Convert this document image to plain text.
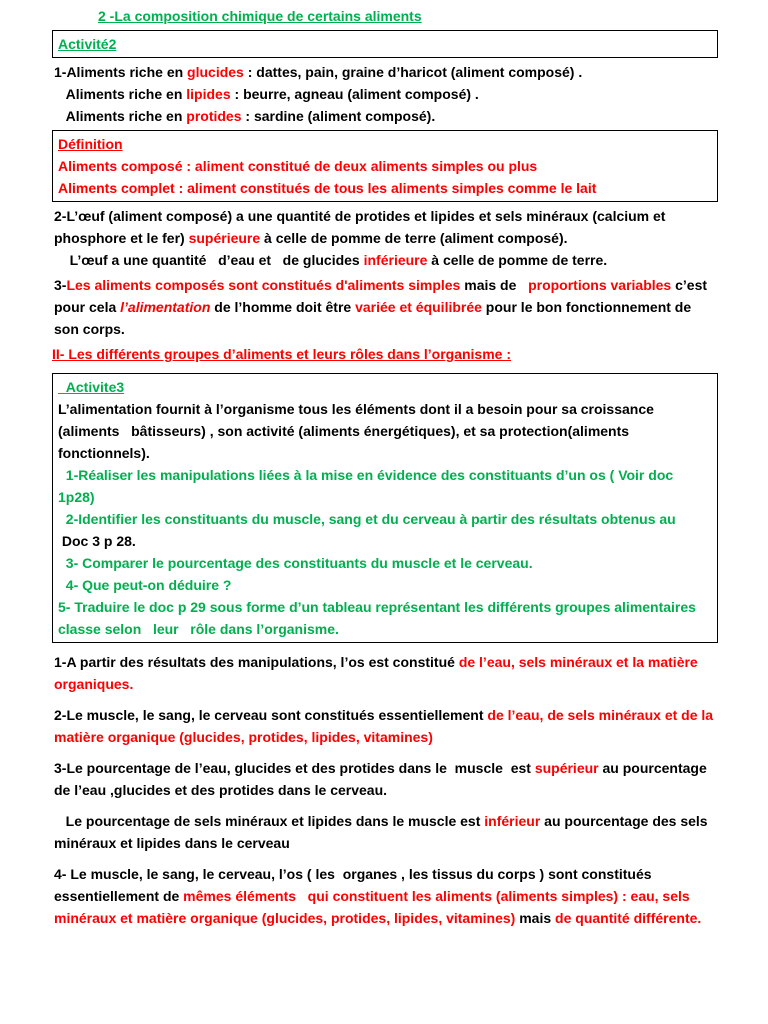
2 -La composition chimique de certains aliments

Activité2

1-Aliments riche en glucides : dattes, pain, graine d’haricot (aliment composé) .

Aliments riche en lipides : beurre, agneau (aliment composé) .

Aliments riche en protides : sardine (aliment composé).

Définition

Aliments composé : aliment constitué de deux aliments simples ou plus

Aliments complet : aliment constitués de tous les aliments simples comme le lait

2-L’œuf (aliment composé) a une quantité de protides et lipides et sels minéraux (calcium et phosphore et le fer) supérieure à celle de pomme de terre (aliment composé).

L’œuf a une quantité   d’eau et   de glucides inférieure à celle de pomme de terre.

3-Les aliments composés sont constitués d'aliments simples mais de   proportions variables c’est pour cela l’alimentation de l’homme doit être variée et équilibrée pour le bon fonctionnement de son corps.

II- Les différents groupes d’aliments et leurs rôles dans l’organisme :

Activite3

L’alimentation fournit à l’organisme tous les éléments dont il a besoin pour sa croissance (aliments   bâtisseurs) , son activité (aliments énergétiques), et sa protection(aliments fonctionnels).

1-Réaliser les manipulations liées à la mise en évidence des constituants d’un os ( Voir doc 1p28)

2-Identifier les constituants du muscle, sang et du cerveau à partir des résultats obtenus au

Doc 3 p 28.

3- Comparer le pourcentage des constituants du muscle et le cerveau.

4- Que peut-on déduire ?

5- Traduire le doc p 29 sous forme d’un tableau représentant les différents groupes alimentaires classe selon   leur   rôle dans l’organisme.

1-A partir des résultats des manipulations, l’os est constitué de l’eau, sels minéraux et la matière organiques.

2-Le muscle, le sang, le cerveau sont constitués essentiellement de l’eau, de sels minéraux et de la matière organique (glucides, protides, lipides, vitamines)

3-Le pourcentage de l’eau, glucides et des protides dans le  muscle  est supérieur au pourcentage de l’eau ,glucides et des protides dans le cerveau.

Le pourcentage de sels minéraux et lipides dans le muscle est inférieur au pourcentage des sels minéraux et lipides dans le cerveau

4- Le muscle, le sang, le cerveau, l’os ( les  organes , les tissus du corps ) sont constitués essentiellement de mêmes éléments   qui constituent les aliments (aliments simples) : eau, sels   minéraux et matière organique (glucides, protides, lipides, vitamines) mais de quantité différente.
